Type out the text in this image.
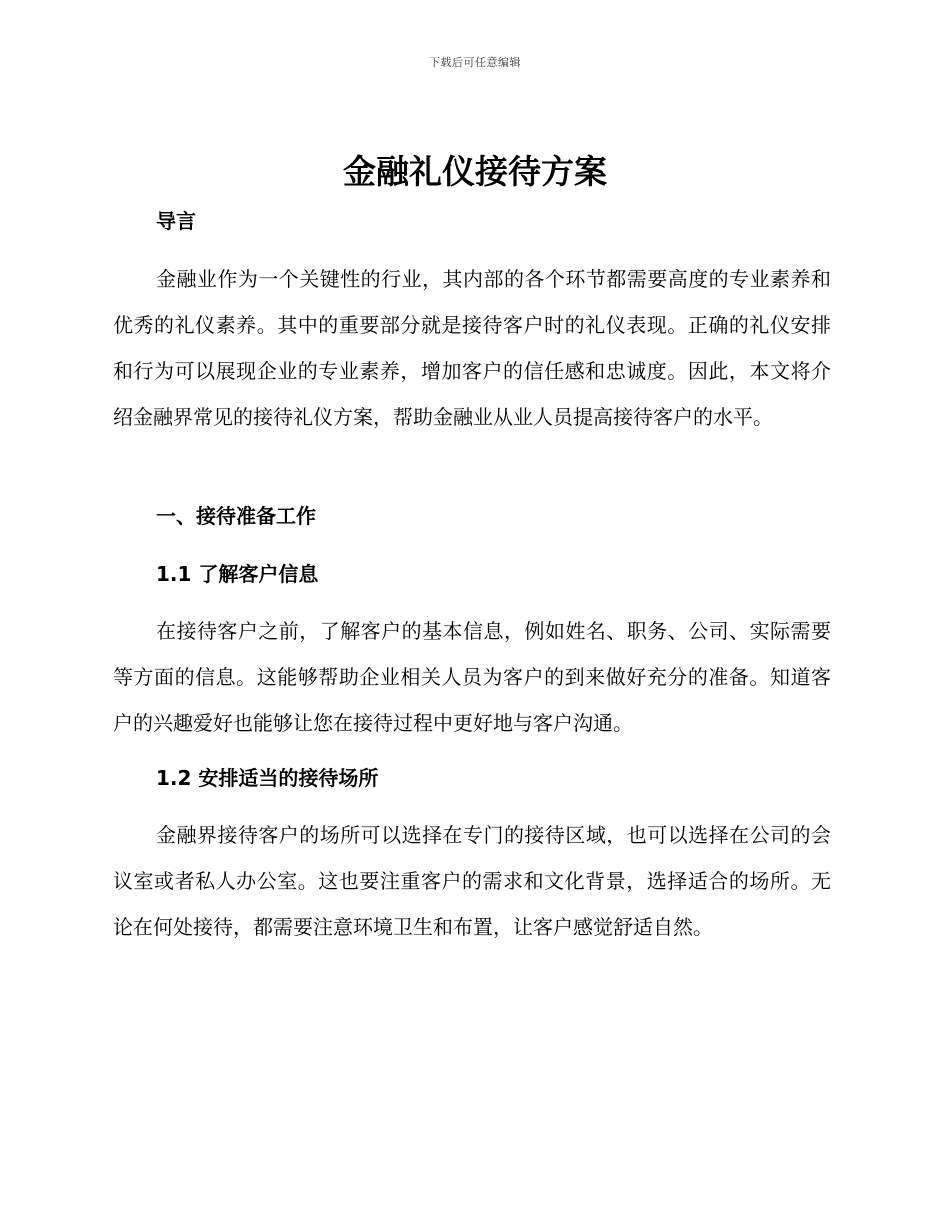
下载后可任意编辑
金融礼仪接待方案
导言

金融业作为一个关键性的行业，其内部的各个环节都需要高度的专业素养和优秀的礼仪素养。其中的重要部分就是接待客户时的礼仪表现。正确的礼仪安排和行为可以展现企业的专业素养，增加客户的信任感和忠诚度。因此，本文将介绍金融界常见的接待礼仪方案，帮助金融业从业人员提高接待客户的水平。

一、接待准备工作
1.1 了解客户信息

在接待客户之前，了解客户的基本信息，例如姓名、职务、公司、实际需要等方面的信息。这能够帮助企业相关人员为客户的到来做好充分的准备。知道客户的兴趣爱好也能够让您在接待过程中更好地与客户沟通。

1.2 安排适当的接待场所

金融界接待客户的场所可以选择在专门的接待区域，也可以选择在公司的会议室或者私人办公室。这也要注重客户的需求和文化背景，选择适合的场所。无论在何处接待，都需要注意环境卫生和布置，让客户感觉舒适自然。
